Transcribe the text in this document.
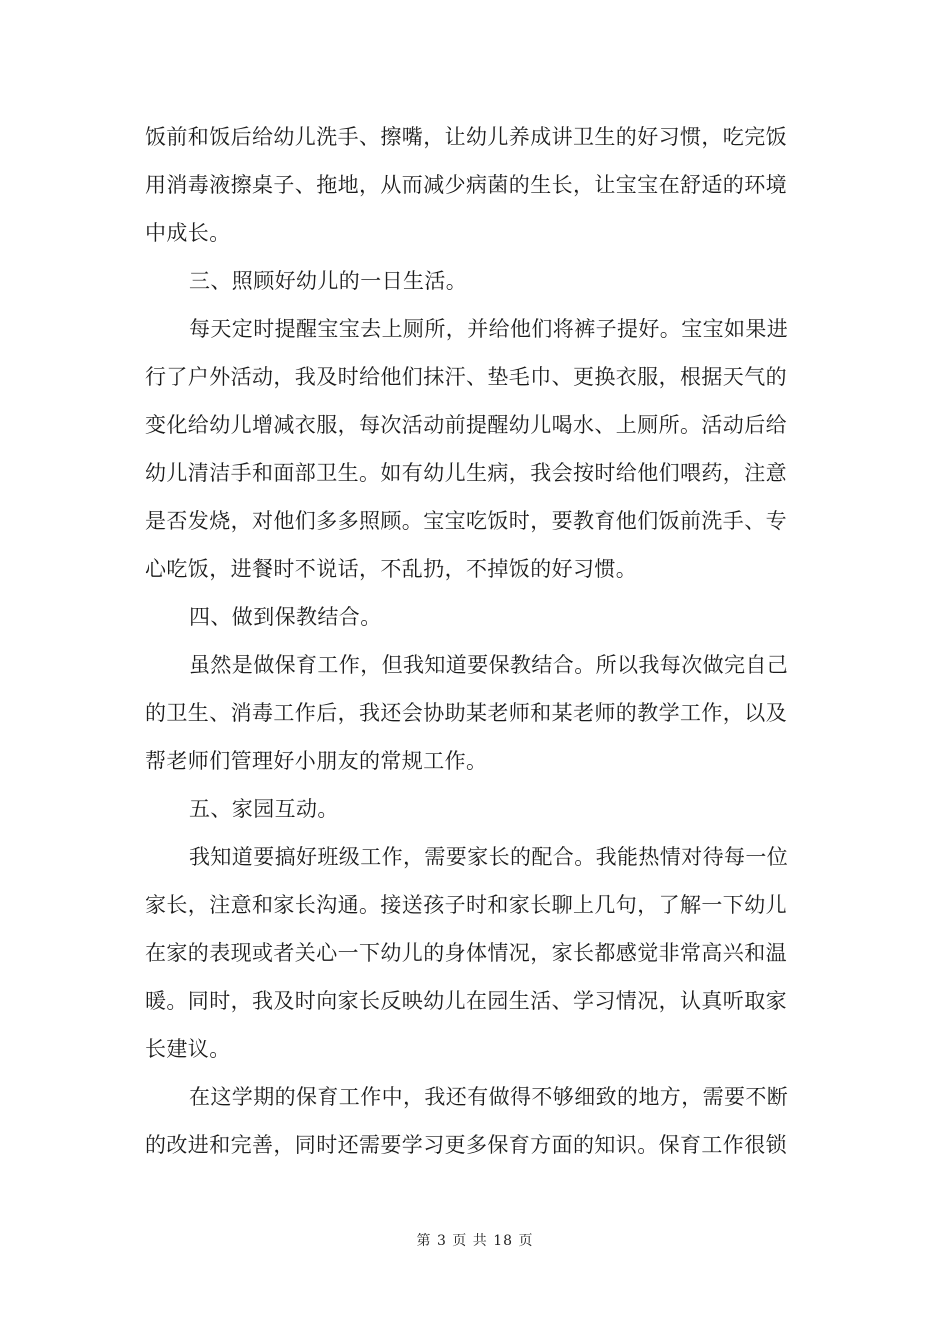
饭前和饭后给幼儿洗手、擦嘴，让幼儿养成讲卫生的好习惯，吃完饭
用消毒液擦桌子、拖地，从而减少病菌的生长，让宝宝在舒适的环境
中成长。
三、照顾好幼儿的一日生活。
每天定时提醒宝宝去上厕所，并给他们将裤子提好。宝宝如果进
行了户外活动，我及时给他们抹汗、垫毛巾、更换衣服，根据天气的
变化给幼儿增减衣服，每次活动前提醒幼儿喝水、上厕所。活动后给
幼儿清洁手和面部卫生。如有幼儿生病，我会按时给他们喂药，注意
是否发烧，对他们多多照顾。宝宝吃饭时，要教育他们饭前洗手、专
心吃饭，进餐时不说话，不乱扔，不掉饭的好习惯。
四、做到保教结合。
虽然是做保育工作，但我知道要保教结合。所以我每次做完自己
的卫生、消毒工作后，我还会协助某老师和某老师的教学工作，以及
帮老师们管理好小朋友的常规工作。
五、家园互动。
我知道要搞好班级工作，需要家长的配合。我能热情对待每一位
家长，注意和家长沟通。接送孩子时和家长聊上几句，了解一下幼儿
在家的表现或者关心一下幼儿的身体情况，家长都感觉非常高兴和温
暖。同时，我及时向家长反映幼儿在园生活、学习情况，认真听取家
长建议。
在这学期的保育工作中，我还有做得不够细致的地方，需要不断
的改进和完善，同时还需要学习更多保育方面的知识。保育工作很锁
第 3 页 共 18 页
